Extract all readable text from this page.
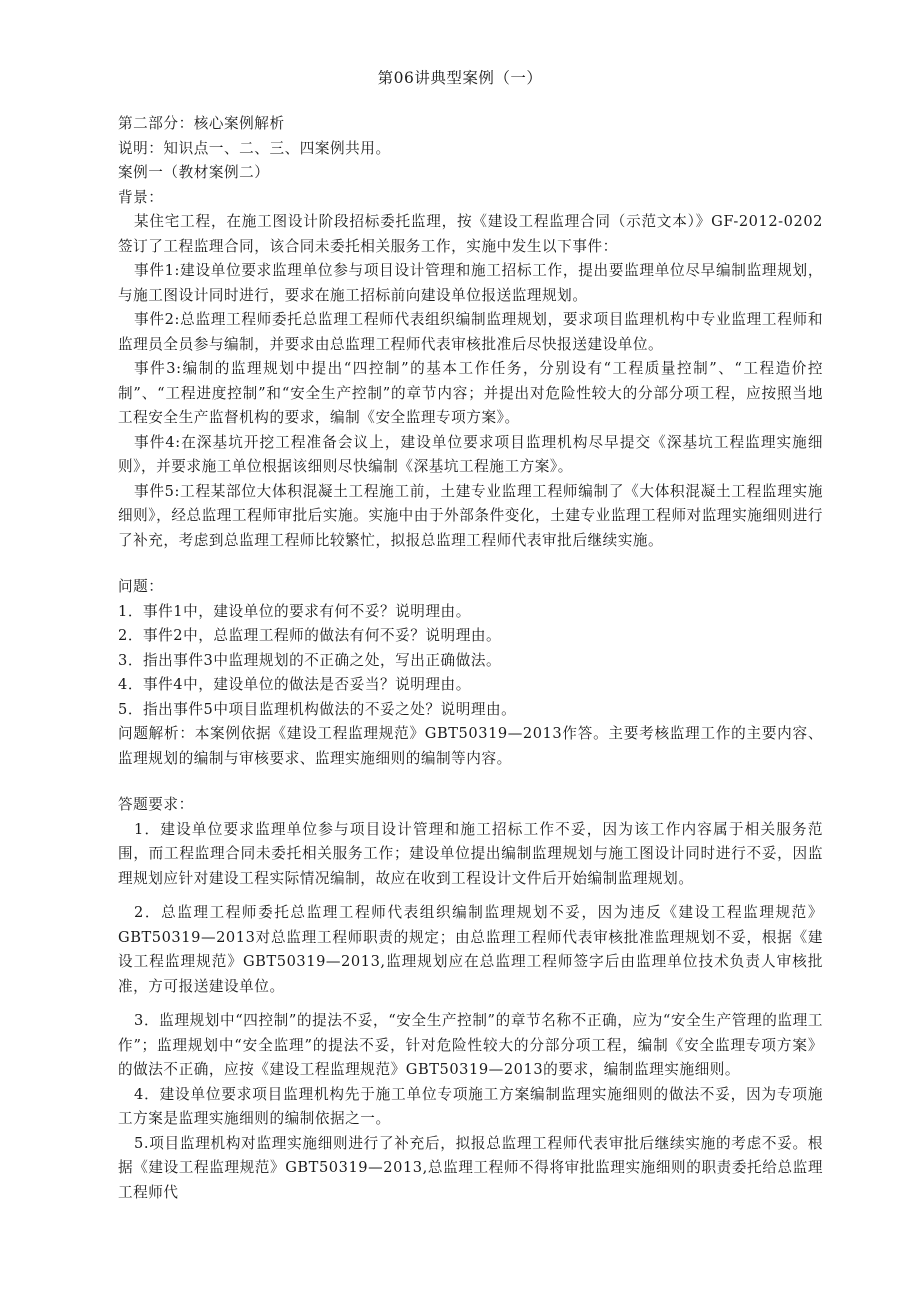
第06讲典型案例（一）

第二部分：核心案例解析

说明：知识点一、二、三、四案例共用。

案例一（教材案例二）

背景：

某住宅工程，在施工图设计阶段招标委托监理，按《建设工程监理合同（示范文本）》GF-2012-0202签订了工程监理合同，该合同未委托相关服务工作，实施中发生以下事件：

事件1:建设单位要求监理单位参与项目设计管理和施工招标工作，提出要监理单位尽早编制监理规划，与施工图设计同时进行，要求在施工招标前向建设单位报送监理规划。

事件2:总监理工程师委托总监理工程师代表组织编制监理规划，要求项目监理机构中专业监理工程师和监理员全员参与编制，并要求由总监理工程师代表审核批准后尽快报送建设单位。

事件3:编制的监理规划中提出“四控制”的基本工作任务，分别设有“工程质量控制”、“工程造价控制”、“工程进度控制”和“安全生产控制”的章节内容；并提出对危险性较大的分部分项工程，应按照当地工程安全生产监督机构的要求，编制《安全监理专项方案》。

事件4:在深基坑开挖工程准备会议上，建设单位要求项目监理机构尽早提交《深基坑工程监理实施细则》，并要求施工单位根据该细则尽快编制《深基坑工程施工方案》。

事件5:工程某部位大体积混凝土工程施工前，土建专业监理工程师编制了《大体积混凝土工程监理实施细则》，经总监理工程师审批后实施。实施中由于外部条件变化，土建专业监理工程师对监理实施细则进行了补充，考虑到总监理工程师比较繁忙，拟报总监理工程师代表审批后继续实施。

问题：

1．事件1中，建设单位的要求有何不妥？说明理由。

2．事件2中，总监理工程师的做法有何不妥？说明理由。

3．指出事件3中监理规划的不正确之处，写出正确做法。

4．事件4中，建设单位的做法是否妥当？说明理由。

5．指出事件5中项目监理机构做法的不妥之处？说明理由。

问题解析：本案例依据《建设工程监理规范》GBT50319—2013作答。主要考核监理工作的主要内容、监理规划的编制与审核要求、监理实施细则的编制等内容。

答题要求：

1．建设单位要求监理单位参与项目设计管理和施工招标工作不妥，因为该工作内容属于相关服务范围，而工程监理合同未委托相关服务工作；建设单位提出编制监理规划与施工图设计同时进行不妥，因监理规划应针对建设工程实际情况编制，故应在收到工程设计文件后开始编制监理规划。

2．总监理工程师委托总监理工程师代表组织编制监理规划不妥，因为违反《建设工程监理规范》GBT50319—2013对总监理工程师职责的规定；由总监理工程师代表审核批准监理规划不妥，根据《建设工程监理规范》GBT50319—2013,监理规划应在总监理工程师签字后由监理单位技术负责人审核批准，方可报送建设单位。

3．监理规划中“四控制”的提法不妥，“安全生产控制”的章节名称不正确，应为“安全生产管理的监理工作”；监理规划中“安全监理”的提法不妥，针对危险性较大的分部分项工程，编制《安全监理专项方案》的做法不正确，应按《建设工程监理规范》GBT50319—2013的要求，编制监理实施细则。

4．建设单位要求项目监理机构先于施工单位专项施工方案编制监理实施细则的做法不妥，因为专项施工方案是监理实施细则的编制依据之一。

5.项目监理机构对监理实施细则进行了补充后，拟报总监理工程师代表审批后继续实施的考虑不妥。根据《建设工程监理规范》GBT50319—2013,总监理工程师不得将审批监理实施细则的职责委托给总监理工程师代
